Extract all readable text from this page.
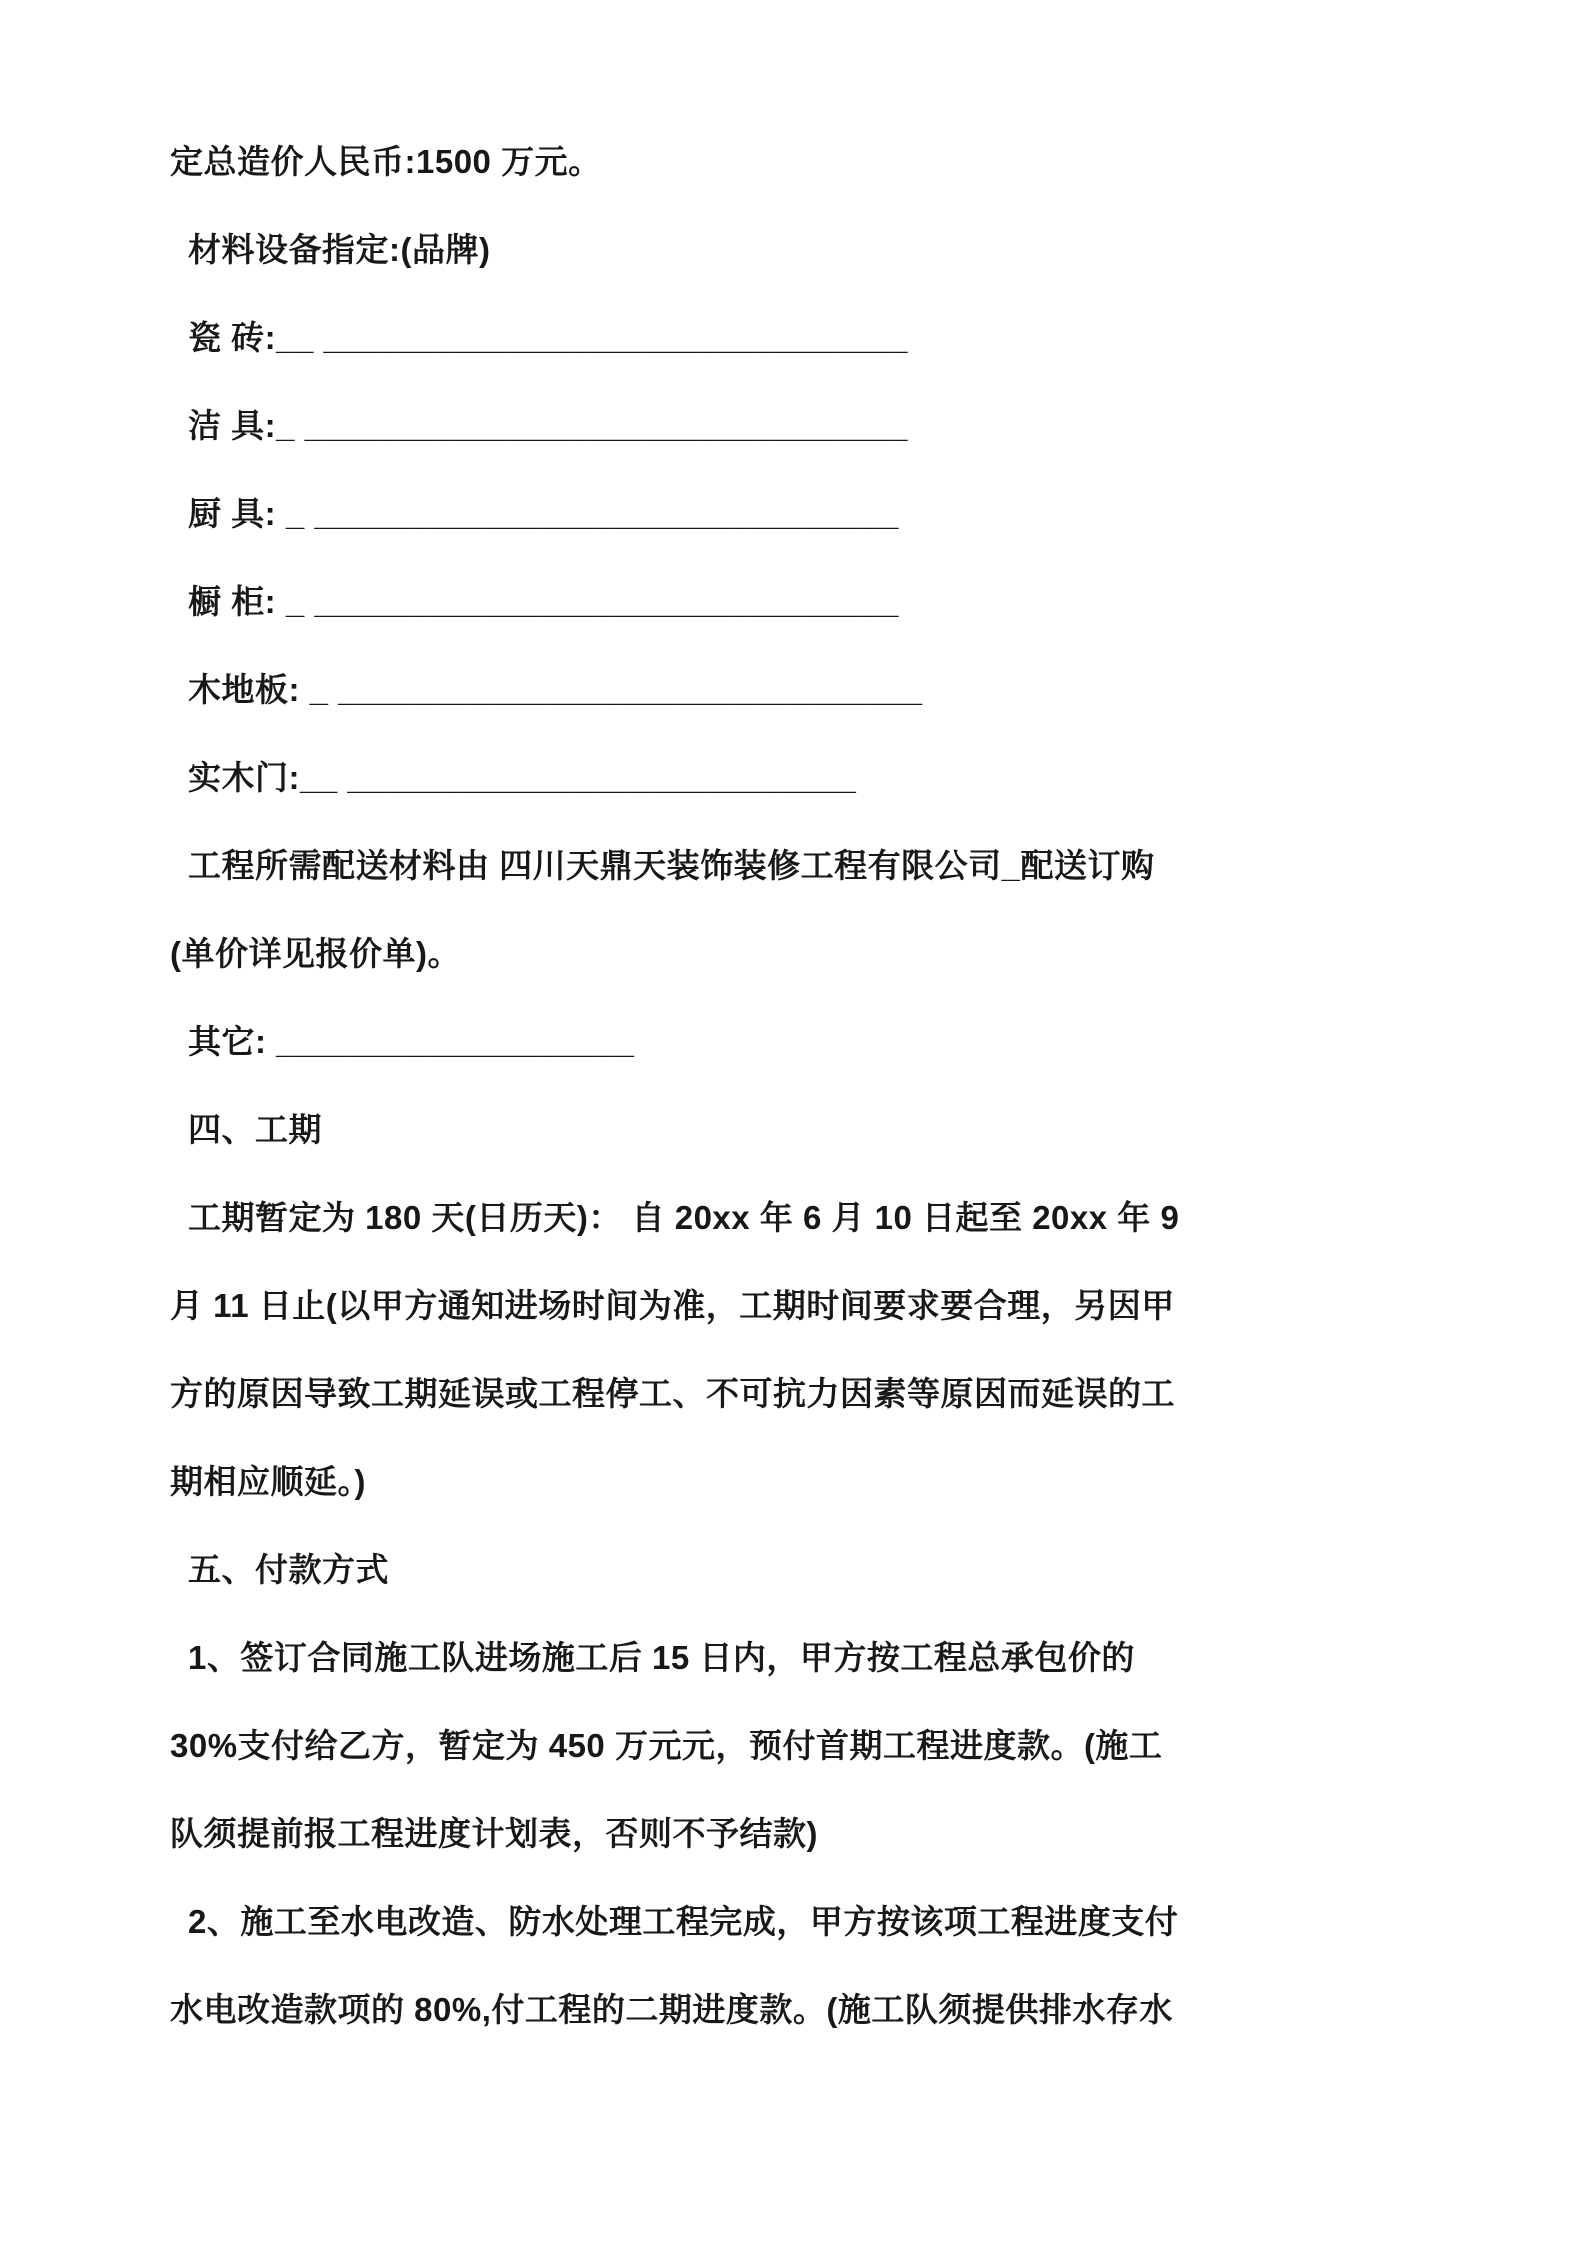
定总造价人民币:1500 万元。

材料设备指定:(品牌)

瓷 砖:__ _______________________________

洁 具:_ ________________________________

厨 具: _ _______________________________

橱 柜: _ _______________________________

木地板: _ _______________________________

实木门:__ ___________________________

工程所需配送材料由 四川天鼎天装饰装修工程有限公司_配送订购

(单价详见报价单)。

其它: ___________________

四、工期

工期暂定为 180 天(日历天)： 自 20xx 年 6 月 10 日起至 20xx 年 9

月 11 日止(以甲方通知进场时间为准，工期时间要求要合理，另因甲

方的原因导致工期延误或工程停工、不可抗力因素等原因而延误的工

期相应顺延。)

五、付款方式

1、签订合同施工队进场施工后 15 日内，甲方按工程总承包价的

30%支付给乙方，暂定为 450 万元元，预付首期工程进度款。(施工

队须提前报工程进度计划表，否则不予结款)

2、施工至水电改造、防水处理工程完成，甲方按该项工程进度支付

水电改造款项的 80%,付工程的二期进度款。(施工队须提供排水存水
